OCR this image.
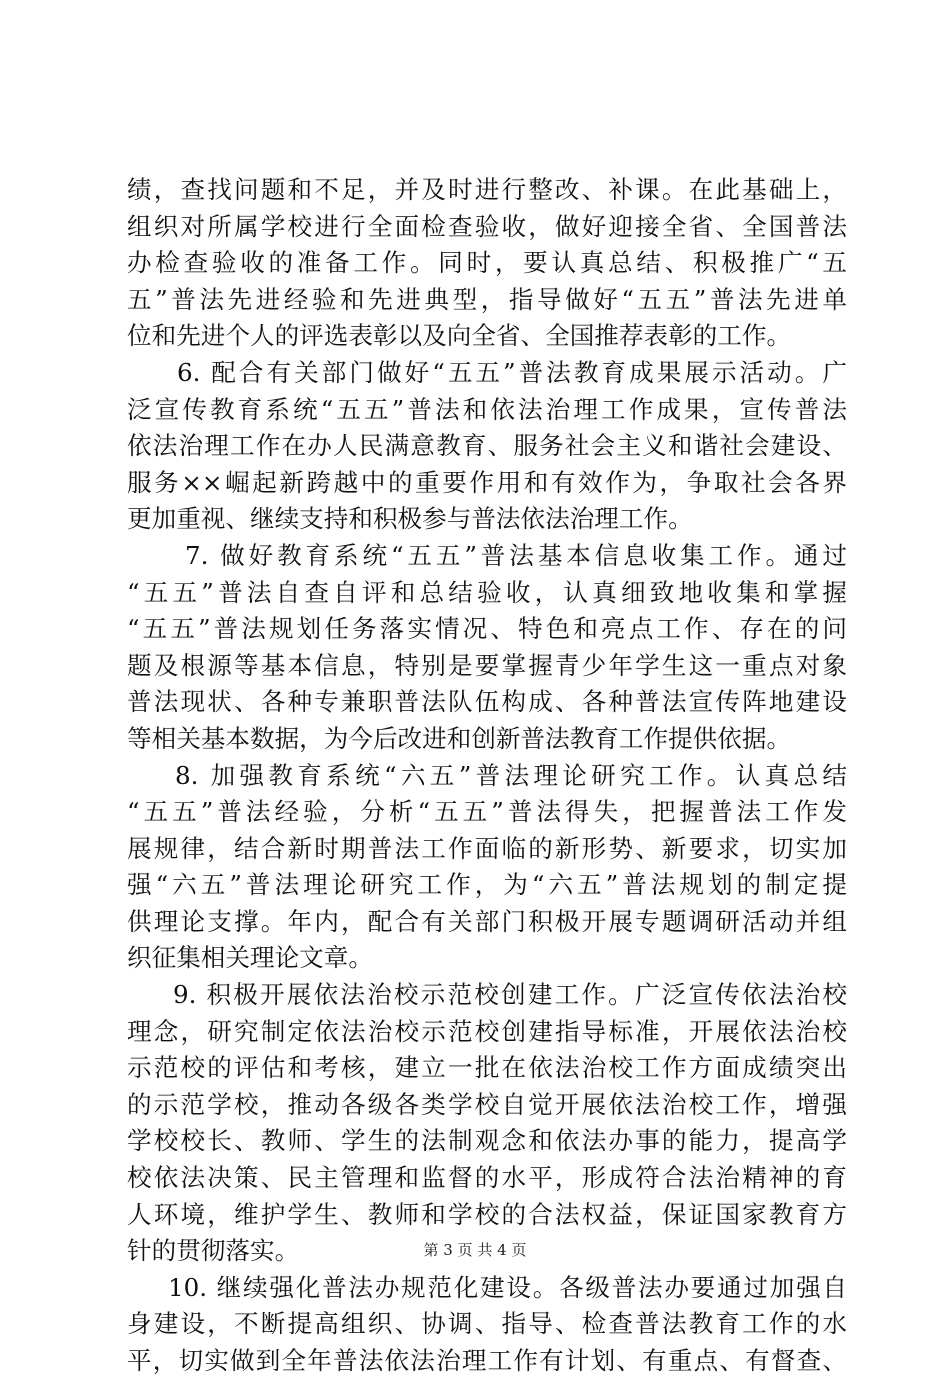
绩，查找问题和不足，并及时进行整改、补课。在此基础上，
组织对所属学校进行全面检查验收，做好迎接全省、全国普法
办检查验收的准备工作。同时，要认真总结、积极推广“五
五”普法先进经验和先进典型，指导做好“五五”普法先进单
位和先进个人的评选表彰以及向全省、全国推荐表彰的工作。
6. 配合有关部门做好“五五”普法教育成果展示活动。广
泛宣传教育系统“五五”普法和依法治理工作成果，宣传普法
依法治理工作在办人民满意教育、服务社会主义和谐社会建设、
服务××崛起新跨越中的重要作用和有效作为，争取社会各界
更加重视、继续支持和积极参与普法依法治理工作。
7. 做好教育系统“五五”普法基本信息收集工作。通过
“五五”普法自查自评和总结验收，认真细致地收集和掌握
“五五”普法规划任务落实情况、特色和亮点工作、存在的问
题及根源等基本信息，特别是要掌握青少年学生这一重点对象
普法现状、各种专兼职普法队伍构成、各种普法宣传阵地建设
等相关基本数据，为今后改进和创新普法教育工作提供依据。
8. 加强教育系统“六五”普法理论研究工作。认真总结
“五五”普法经验，分析“五五”普法得失，把握普法工作发
展规律，结合新时期普法工作面临的新形势、新要求，切实加
强“六五”普法理论研究工作，为“六五”普法规划的制定提
供理论支撑。年内，配合有关部门积极开展专题调研活动并组
织征集相关理论文章。
9. 积极开展依法治校示范校创建工作。广泛宣传依法治校
理念，研究制定依法治校示范校创建指导标准，开展依法治校
示范校的评估和考核，建立一批在依法治校工作方面成绩突出
的示范学校，推动各级各类学校自觉开展依法治校工作，增强
学校校长、教师、学生的法制观念和依法办事的能力，提高学
校依法决策、民主管理和监督的水平，形成符合法治精神的育
人环境，维护学生、教师和学校的合法权益，保证国家教育方
针的贯彻落实。
10. 继续强化普法办规范化建设。各级普法办要通过加强自
身建设，不断提高组织、协调、指导、检查普法教育工作的水
平，切实做到全年普法依法治理工作有计划、有重点、有督查、
第 3 页 共 4 页
